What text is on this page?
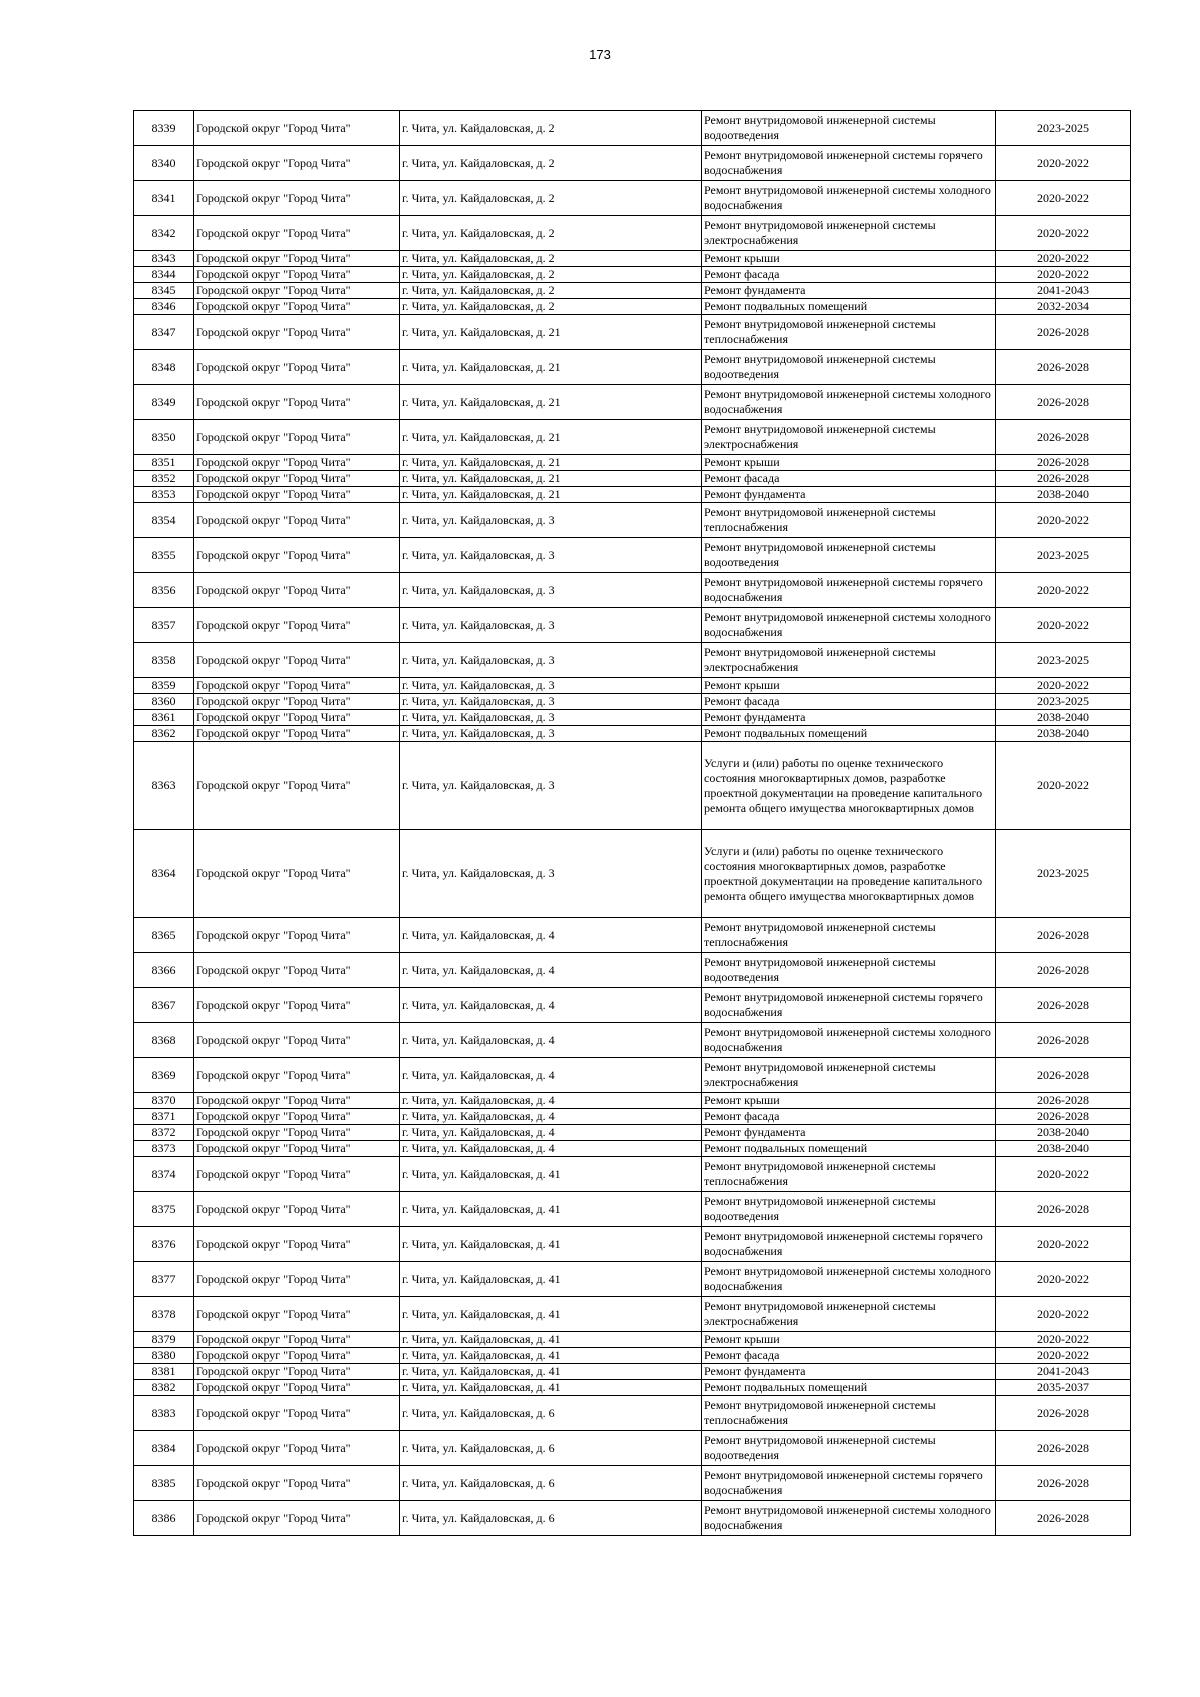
173
8339	Городской округ "Город Чита"	г. Чита, ул. Кайдаловская, д. 2	Ремонт внутридомовой инженерной системы водоотведения	2023-2025
8340	Городской округ "Город Чита"	г. Чита, ул. Кайдаловская, д. 2	Ремонт внутридомовой инженерной системы горячего водоснабжения	2020-2022
8341	Городской округ "Город Чита"	г. Чита, ул. Кайдаловская, д. 2	Ремонт внутридомовой инженерной системы холодного водоснабжения	2020-2022
8342	Городской округ "Город Чита"	г. Чита, ул. Кайдаловская, д. 2	Ремонт внутридомовой инженерной системы электроснабжения	2020-2022
8343	Городской округ "Город Чита"	г. Чита, ул. Кайдаловская, д. 2	Ремонт крыши	2020-2022
8344	Городской округ "Город Чита"	г. Чита, ул. Кайдаловская, д. 2	Ремонт фасада	2020-2022
8345	Городской округ "Город Чита"	г. Чита, ул. Кайдаловская, д. 2	Ремонт фундамента	2041-2043
8346	Городской округ "Город Чита"	г. Чита, ул. Кайдаловская, д. 2	Ремонт подвальных помещений	2032-2034
8347	Городской округ "Город Чита"	г. Чита, ул. Кайдаловская, д. 21	Ремонт внутридомовой инженерной системы теплоснабжения	2026-2028
8348	Городской округ "Город Чита"	г. Чита, ул. Кайдаловская, д. 21	Ремонт внутридомовой инженерной системы водоотведения	2026-2028
8349	Городской округ "Город Чита"	г. Чита, ул. Кайдаловская, д. 21	Ремонт внутридомовой инженерной системы холодного водоснабжения	2026-2028
8350	Городской округ "Город Чита"	г. Чита, ул. Кайдаловская, д. 21	Ремонт внутридомовой инженерной системы электроснабжения	2026-2028
8351	Городской округ "Город Чита"	г. Чита, ул. Кайдаловская, д. 21	Ремонт крыши	2026-2028
8352	Городской округ "Город Чита"	г. Чита, ул. Кайдаловская, д. 21	Ремонт фасада	2026-2028
8353	Городской округ "Город Чита"	г. Чита, ул. Кайдаловская, д. 21	Ремонт фундамента	2038-2040
8354	Городской округ "Город Чита"	г. Чита, ул. Кайдаловская, д. 3	Ремонт внутридомовой инженерной системы теплоснабжения	2020-2022
8355	Городской округ "Город Чита"	г. Чита, ул. Кайдаловская, д. 3	Ремонт внутридомовой инженерной системы водоотведения	2023-2025
8356	Городской округ "Город Чита"	г. Чита, ул. Кайдаловская, д. 3	Ремонт внутридомовой инженерной системы горячего водоснабжения	2020-2022
8357	Городской округ "Город Чита"	г. Чита, ул. Кайдаловская, д. 3	Ремонт внутридомовой инженерной системы холодного водоснабжения	2020-2022
8358	Городской округ "Город Чита"	г. Чита, ул. Кайдаловская, д. 3	Ремонт внутридомовой инженерной системы электроснабжения	2023-2025
8359	Городской округ "Город Чита"	г. Чита, ул. Кайдаловская, д. 3	Ремонт крыши	2020-2022
8360	Городской округ "Город Чита"	г. Чита, ул. Кайдаловская, д. 3	Ремонт фасада	2023-2025
8361	Городской округ "Город Чита"	г. Чита, ул. Кайдаловская, д. 3	Ремонт фундамента	2038-2040
8362	Городской округ "Город Чита"	г. Чита, ул. Кайдаловская, д. 3	Ремонт подвальных помещений	2038-2040
8363	Городской округ "Город Чита"	г. Чита, ул. Кайдаловская, д. 3	Услуги и (или) работы по оценке технического состояния многоквартирных домов, разработке проектной документации на проведение капитального ремонта общего имущества многоквартирных домов	2020-2022
8364	Городской округ "Город Чита"	г. Чита, ул. Кайдаловская, д. 3	Услуги и (или) работы по оценке технического состояния многоквартирных домов, разработке проектной документации на проведение капитального ремонта общего имущества многоквартирных домов	2023-2025
8365	Городской округ "Город Чита"	г. Чита, ул. Кайдаловская, д. 4	Ремонт внутридомовой инженерной системы теплоснабжения	2026-2028
8366	Городской округ "Город Чита"	г. Чита, ул. Кайдаловская, д. 4	Ремонт внутридомовой инженерной системы водоотведения	2026-2028
8367	Городской округ "Город Чита"	г. Чита, ул. Кайдаловская, д. 4	Ремонт внутридомовой инженерной системы горячего водоснабжения	2026-2028
8368	Городской округ "Город Чита"	г. Чита, ул. Кайдаловская, д. 4	Ремонт внутридомовой инженерной системы холодного водоснабжения	2026-2028
8369	Городской округ "Город Чита"	г. Чита, ул. Кайдаловская, д. 4	Ремонт внутридомовой инженерной системы электроснабжения	2026-2028
8370	Городской округ "Город Чита"	г. Чита, ул. Кайдаловская, д. 4	Ремонт крыши	2026-2028
8371	Городской округ "Город Чита"	г. Чита, ул. Кайдаловская, д. 4	Ремонт фасада	2026-2028
8372	Городской округ "Город Чита"	г. Чита, ул. Кайдаловская, д. 4	Ремонт фундамента	2038-2040
8373	Городской округ "Город Чита"	г. Чита, ул. Кайдаловская, д. 4	Ремонт подвальных помещений	2038-2040
8374	Городской округ "Город Чита"	г. Чита, ул. Кайдаловская, д. 41	Ремонт внутридомовой инженерной системы теплоснабжения	2020-2022
8375	Городской округ "Город Чита"	г. Чита, ул. Кайдаловская, д. 41	Ремонт внутридомовой инженерной системы водоотведения	2026-2028
8376	Городской округ "Город Чита"	г. Чита, ул. Кайдаловская, д. 41	Ремонт внутридомовой инженерной системы горячего водоснабжения	2020-2022
8377	Городской округ "Город Чита"	г. Чита, ул. Кайдаловская, д. 41	Ремонт внутридомовой инженерной системы холодного водоснабжения	2020-2022
8378	Городской округ "Город Чита"	г. Чита, ул. Кайдаловская, д. 41	Ремонт внутридомовой инженерной системы электроснабжения	2020-2022
8379	Городской округ "Город Чита"	г. Чита, ул. Кайдаловская, д. 41	Ремонт крыши	2020-2022
8380	Городской округ "Город Чита"	г. Чита, ул. Кайдаловская, д. 41	Ремонт фасада	2020-2022
8381	Городской округ "Город Чита"	г. Чита, ул. Кайдаловская, д. 41	Ремонт фундамента	2041-2043
8382	Городской округ "Город Чита"	г. Чита, ул. Кайдаловская, д. 41	Ремонт подвальных помещений	2035-2037
8383	Городской округ "Город Чита"	г. Чита, ул. Кайдаловская, д. 6	Ремонт внутридомовой инженерной системы теплоснабжения	2026-2028
8384	Городской округ "Город Чита"	г. Чита, ул. Кайдаловская, д. 6	Ремонт внутридомовой инженерной системы водоотведения	2026-2028
8385	Городской округ "Город Чита"	г. Чита, ул. Кайдаловская, д. 6	Ремонт внутридомовой инженерной системы горячего водоснабжения	2026-2028
8386	Городской округ "Город Чита"	г. Чита, ул. Кайдаловская, д. 6	Ремонт внутридомовой инженерной системы холодного водоснабжения	2026-2028
